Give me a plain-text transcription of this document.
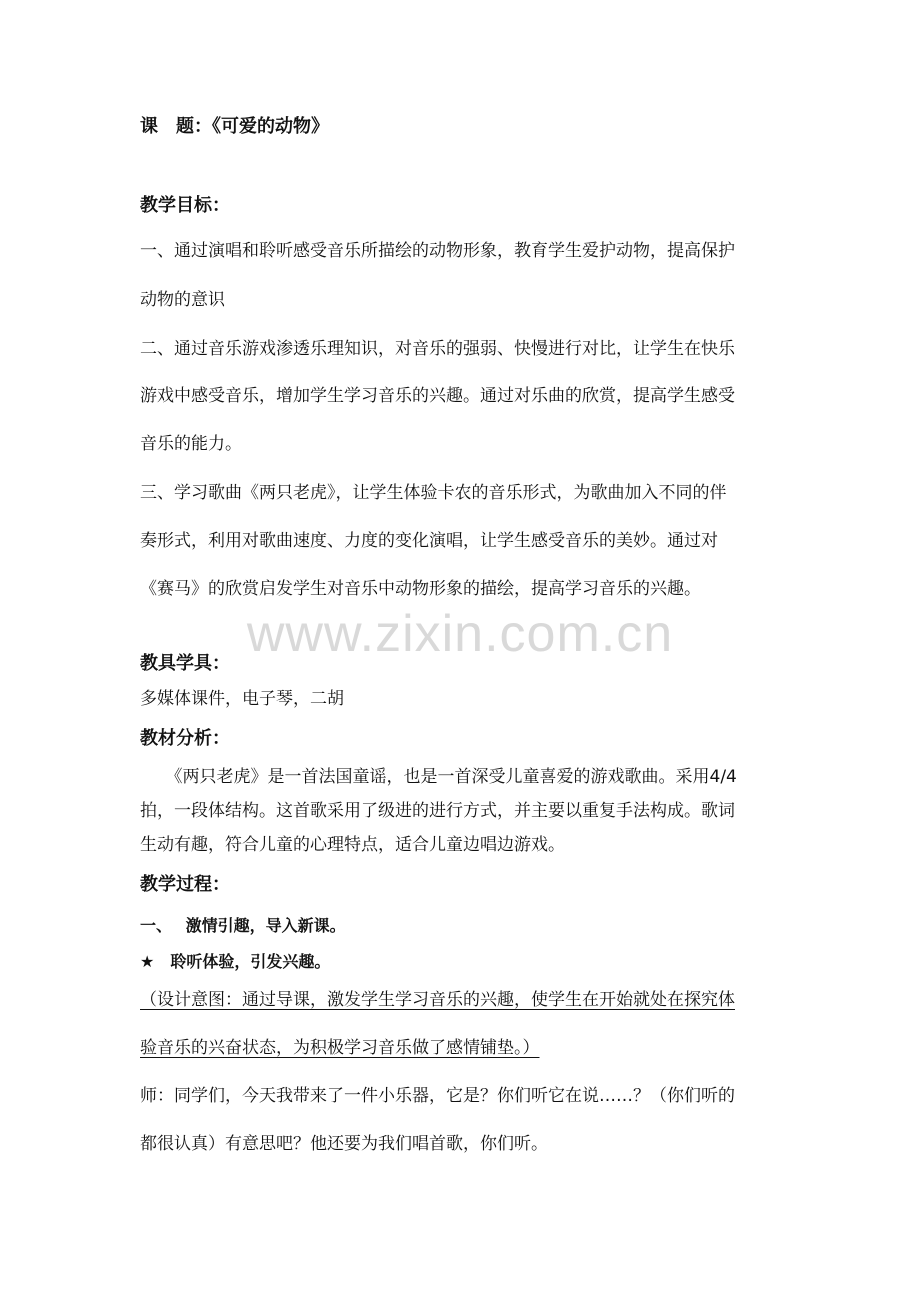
课　题：《可爱的动物》
教学目标：
一、通过演唱和聆听感受音乐所描绘的动物形象，教育学生爱护动物，提高保护
动物的意识
二、通过音乐游戏渗透乐理知识，对音乐的强弱、快慢进行对比，让学生在快乐
游戏中感受音乐，增加学生学习音乐的兴趣。通过对乐曲的欣赏，提高学生感受
音乐的能力。
三、学习歌曲《两只老虎》，让学生体验卡农的音乐形式，为歌曲加入不同的伴
奏形式，利用对歌曲速度、力度的变化演唱，让学生感受音乐的美妙。通过对
《赛马》的欣赏启发学生对音乐中动物形象的描绘，提高学习音乐的兴趣。
www.zixin.com.cn
教具学具：
多媒体课件，电子琴，二胡
教材分析：
　　《两只老虎》是一首法国童谣，也是一首深受儿童喜爱的游戏歌曲。采用4/4
拍，一段体结构。这首歌采用了级进的进行方式，并主要以重复手法构成。歌词
生动有趣，符合儿童的心理特点，适合儿童边唱边游戏。
教学过程：
一、　 激情引趣，导入新课。
★　聆听体验，引发兴趣。
（设计意图：通过导课，激发学生学习音乐的兴趣，使学生在开始就处在探究体
验音乐的兴奋状态，为积极学习音乐做了感情铺垫。）
师：同学们，今天我带来了一件小乐器，它是？你们听它在说……？（你们听的
都很认真）有意思吧？他还要为我们唱首歌，你们听。
